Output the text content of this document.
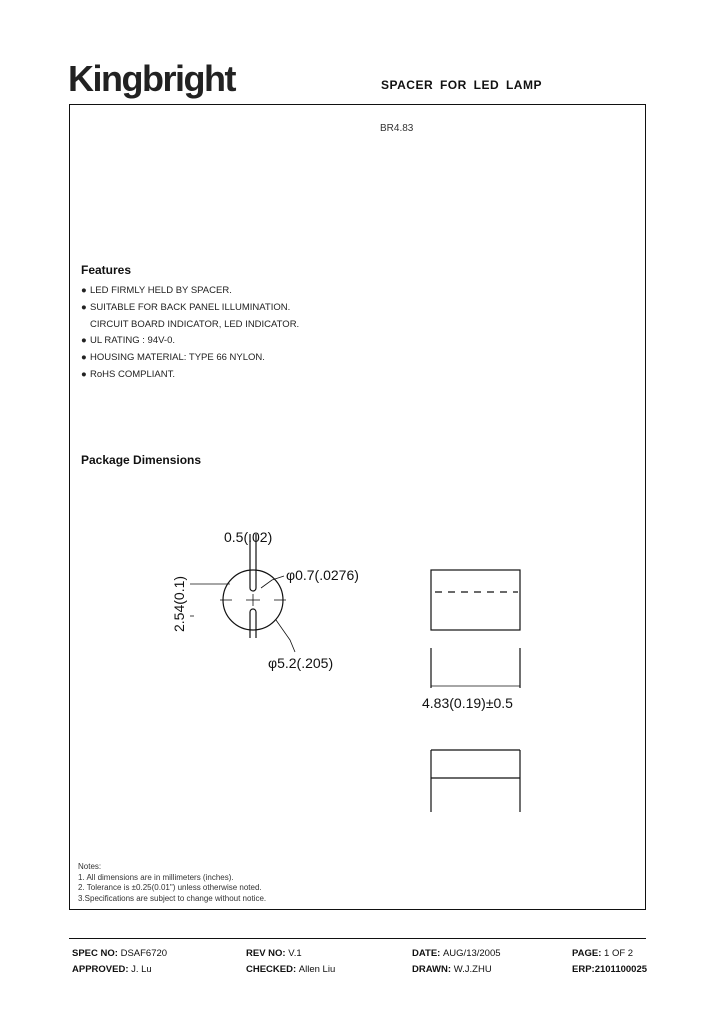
Kingbright	SPACER FOR LED LAMP
BR4.83
Features
● LED FIRMLY HELD BY SPACER.
● SUITABLE FOR BACK PANEL ILLUMINATION.
CIRCUIT BOARD INDICATOR, LED INDICATOR.
● UL RATING : 94V-0.
● HOUSING MATERIAL: TYPE 66 NYLON.
● RoHS COMPLIANT.
Package Dimensions
0.5(.02)
φ0.7(.0276)
φ5.2(.205)
2.54(0.1)
4.83(0.19)±0.5
Notes:
1. All dimensions are in millimeters (inches).
2. Tolerance is ±0.25(0.01") unless otherwise noted.
3.Specifications are subject to change without notice.
SPEC NO: DSAF6720	REV NO: V.1	DATE: AUG/13/2005	PAGE: 1 OF 2
APPROVED: J. Lu	CHECKED: Allen Liu	DRAWN: W.J.ZHU	ERP:2101100025
